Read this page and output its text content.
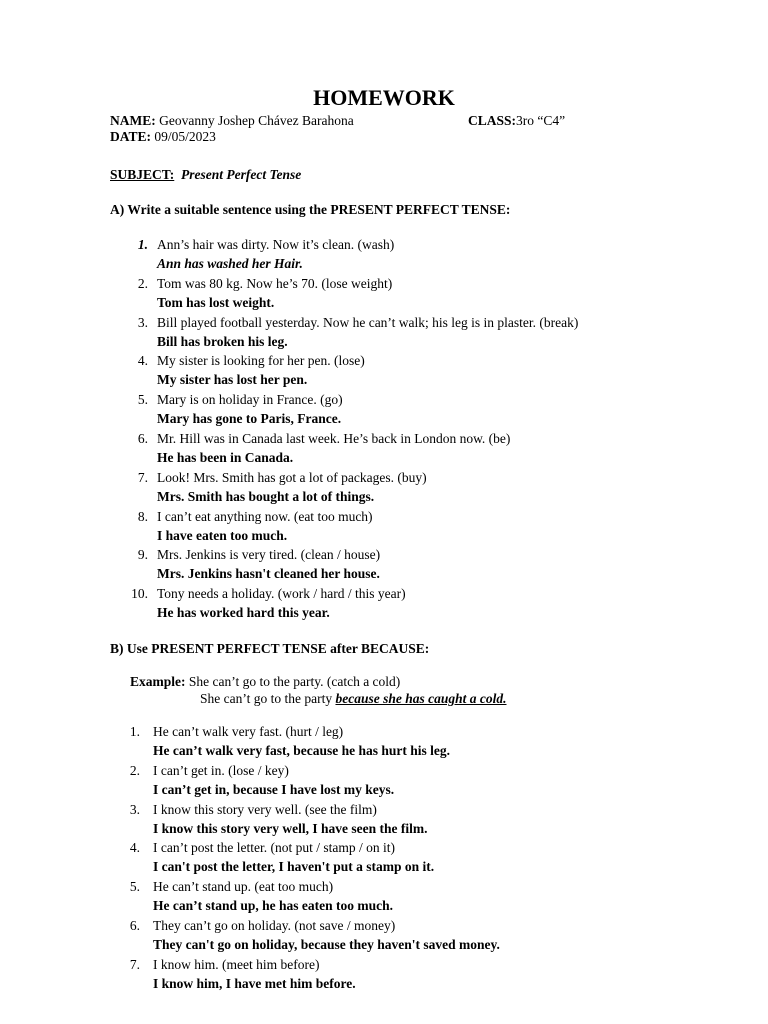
HOMEWORK
NAME: Geovanny Joshep Chávez Barahona	CLASS:3ro “C4”
DATE: 09/05/2023
SUBJECT: Present Perfect Tense
A) Write a suitable sentence using the PRESENT PERFECT TENSE:
1. Ann’s hair was dirty. Now it’s clean. (wash)
Ann has washed her Hair.
2. Tom was 80 kg. Now he’s 70. (lose weight)
Tom has lost weight.
3. Bill played football yesterday. Now he can’t walk; his leg is in plaster. (break)
Bill has broken his leg.
4. My sister is looking for her pen. (lose)
My sister has lost her pen.
5. Mary is on holiday in France. (go)
Mary has gone to Paris, France.
6. Mr. Hill was in Canada last week. He’s back in London now. (be)
He has been in Canada.
7. Look! Mrs. Smith has got a lot of packages. (buy)
Mrs. Smith has bought a lot of things.
8. I can’t eat anything now. (eat too much)
I have eaten too much.
9. Mrs. Jenkins is very tired. (clean / house)
Mrs. Jenkins hasn't cleaned her house.
10. Tony needs a holiday. (work / hard / this year)
He has worked hard this year.
B) Use PRESENT PERFECT TENSE after BECAUSE:
Example: She can’t go to the party. (catch a cold)
She can’t go to the party because she has caught a cold.
1. He can’t walk very fast. (hurt / leg)
He can’t walk very fast, because he has hurt his leg.
2. I can’t get in. (lose / key)
I can’t get in, because I have lost my keys.
3. I know this story very well. (see the film)
I know this story very well, I have seen the film.
4. I can’t post the letter. (not put / stamp / on it)
I can't post the letter, I haven't put a stamp on it.
5. He can’t stand up. (eat too much)
He can’t stand up, he has eaten too much.
6. They can’t go on holiday. (not save / money)
They can't go on holiday, because they haven't saved money.
7. I know him. (meet him before)
I know him, I have met him before.
